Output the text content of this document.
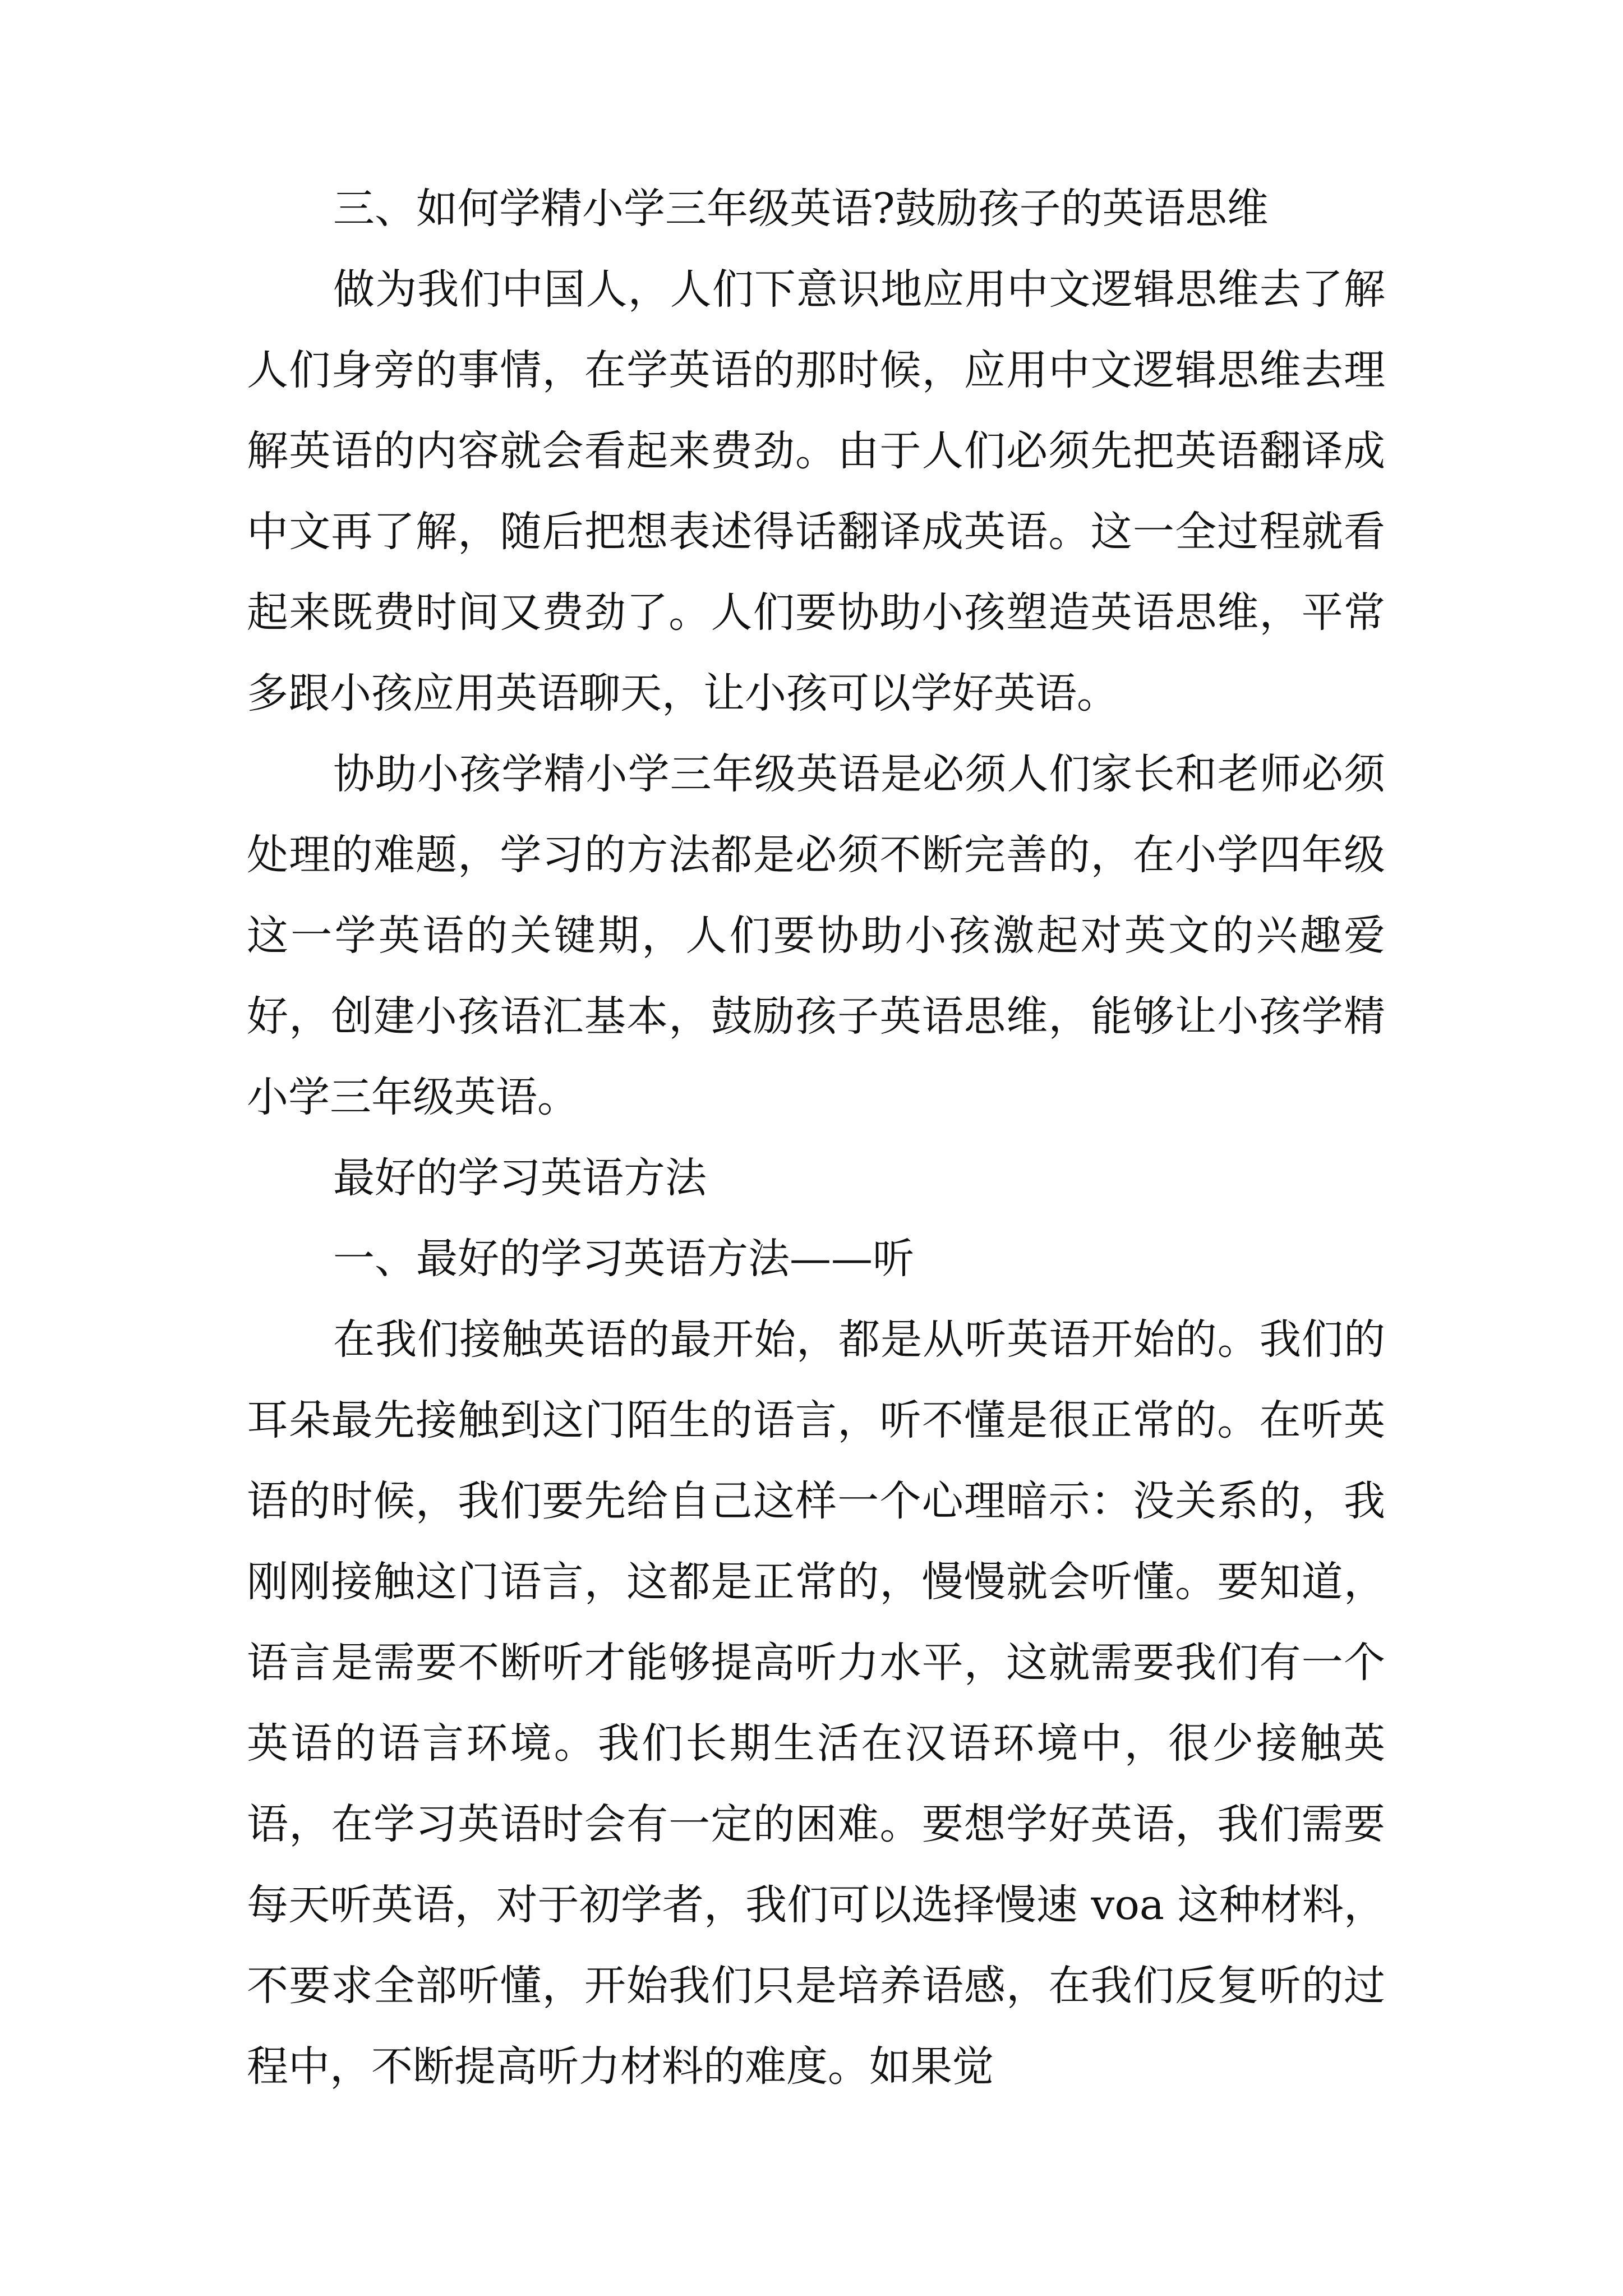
三、如何学精小学三年级英语?鼓励孩子的英语思维

做为我们中国人，人们下意识地应用中文逻辑思维去了解人们身旁的事情，在学英语的那时候，应用中文逻辑思维去理解英语的内容就会看起来费劲。由于人们必须先把英语翻译成中文再了解，随后把想表述得话翻译成英语。这一全过程就看起来既费时间又费劲了。人们要协助小孩塑造英语思维，平常多跟小孩应用英语聊天，让小孩可以学好英语。

协助小孩学精小学三年级英语是必须人们家长和老师必须处理的难题，学习的方法都是必须不断完善的，在小学四年级这一学英语的关键期，人们要协助小孩激起对英文的兴趣爱好，创建小孩语汇基本，鼓励孩子英语思维，能够让小孩学精小学三年级英语。

最好的学习英语方法

一、最好的学习英语方法——听

在我们接触英语的最开始，都是从听英语开始的。我们的耳朵最先接触到这门陌生的语言，听不懂是很正常的。在听英语的时候，我们要先给自己这样一个心理暗示：没关系的，我刚刚接触这门语言，这都是正常的，慢慢就会听懂。要知道，语言是需要不断听才能够提高听力水平，这就需要我们有一个英语的语言环境。我们长期生活在汉语环境中，很少接触英语，在学习英语时会有一定的困难。要想学好英语，我们需要每天听英语，对于初学者，我们可以选择慢速 voa 这种材料，不要求全部听懂，开始我们只是培养语感，在我们反复听的过程中，不断提高听力材料的难度。如果觉
